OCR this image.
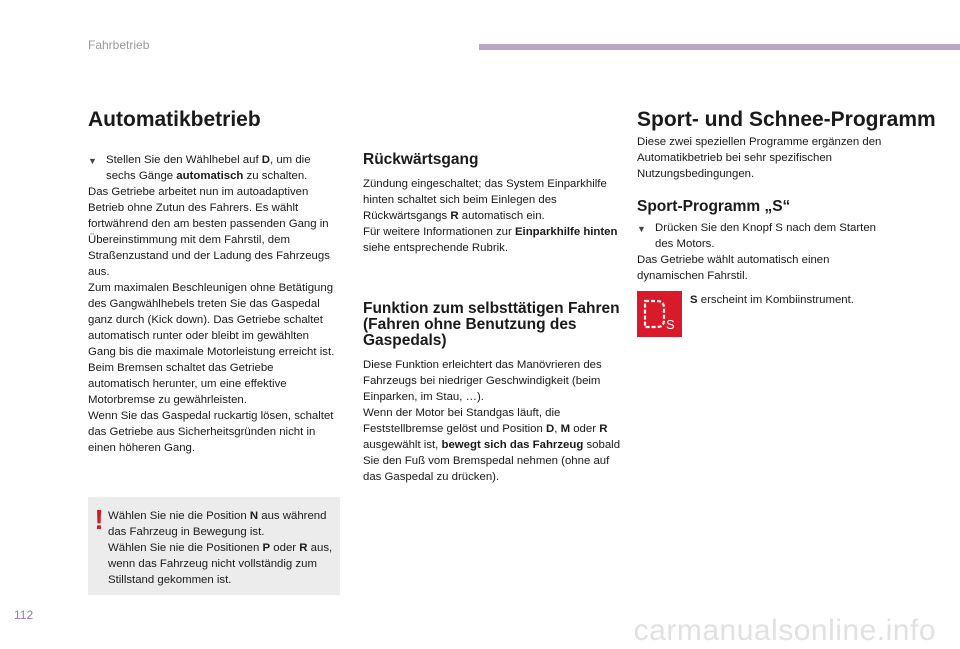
Fahrbetrieb
Automatikbetrieb
▼ Stellen Sie den Wählhebel auf D, um die sechs Gänge automatisch zu schalten.

Das Getriebe arbeitet nun im autoadaptiven Betrieb ohne Zutun des Fahrers. Es wählt fortwährend den am besten passenden Gang in Übereinstimmung mit dem Fahrstil, dem Straßenzustand und der Ladung des Fahrzeugs aus.

Zum maximalen Beschleunigen ohne Betätigung des Gangwählhebels treten Sie das Gaspedal ganz durch (Kick down). Das Getriebe schaltet automatisch runter oder bleibt im gewählten Gang bis die maximale Motorleistung erreicht ist.

Beim Bremsen schaltet das Getriebe automatisch herunter, um eine effektive Motorbremse zu gewährleisten.

Wenn Sie das Gaspedal ruckartig lösen, schaltet das Getriebe aus Sicherheitsgründen nicht in einen höheren Gang.

! Wählen Sie nie die Position N aus während das Fahrzeug in Bewegung ist.
Wählen Sie nie die Positionen P oder R aus, wenn das Fahrzeug nicht vollständig zum Stillstand gekommen ist.
Rückwärtsgang

Zündung eingeschaltet; das System Einparkhilfe hinten schaltet sich beim Einlegen des Rückwärtsgangs R automatisch ein.

Für weitere Informationen zur Einparkhilfe hinten siehe entsprechende Rubrik.

Funktion zum selbsttätigen Fahren (Fahren ohne Benutzung des Gaspedals)

Diese Funktion erleichtert das Manövrieren des Fahrzeugs bei niedriger Geschwindigkeit (beim Einparken, im Stau, …).

Wenn der Motor bei Standgas läuft, die Feststellbremse gelöst und Position D, M oder R ausgewählt ist, bewegt sich das Fahrzeug sobald Sie den Fuß vom Bremspedal nehmen (ohne auf das Gaspedal zu drücken).

Sport- und Schnee-Programm
Diese zwei speziellen Programme ergänzen den Automatikbetrieb bei sehr spezifischen Nutzungsbedingungen.
Sport-Programm „S“
▼ Drücken Sie den Knopf S nach dem Starten des Motors.

Das Getriebe wählt automatisch einen dynamischen Fahrstil.

S
S erscheint im Kombiinstrument.
112	carmanualsonline.info
